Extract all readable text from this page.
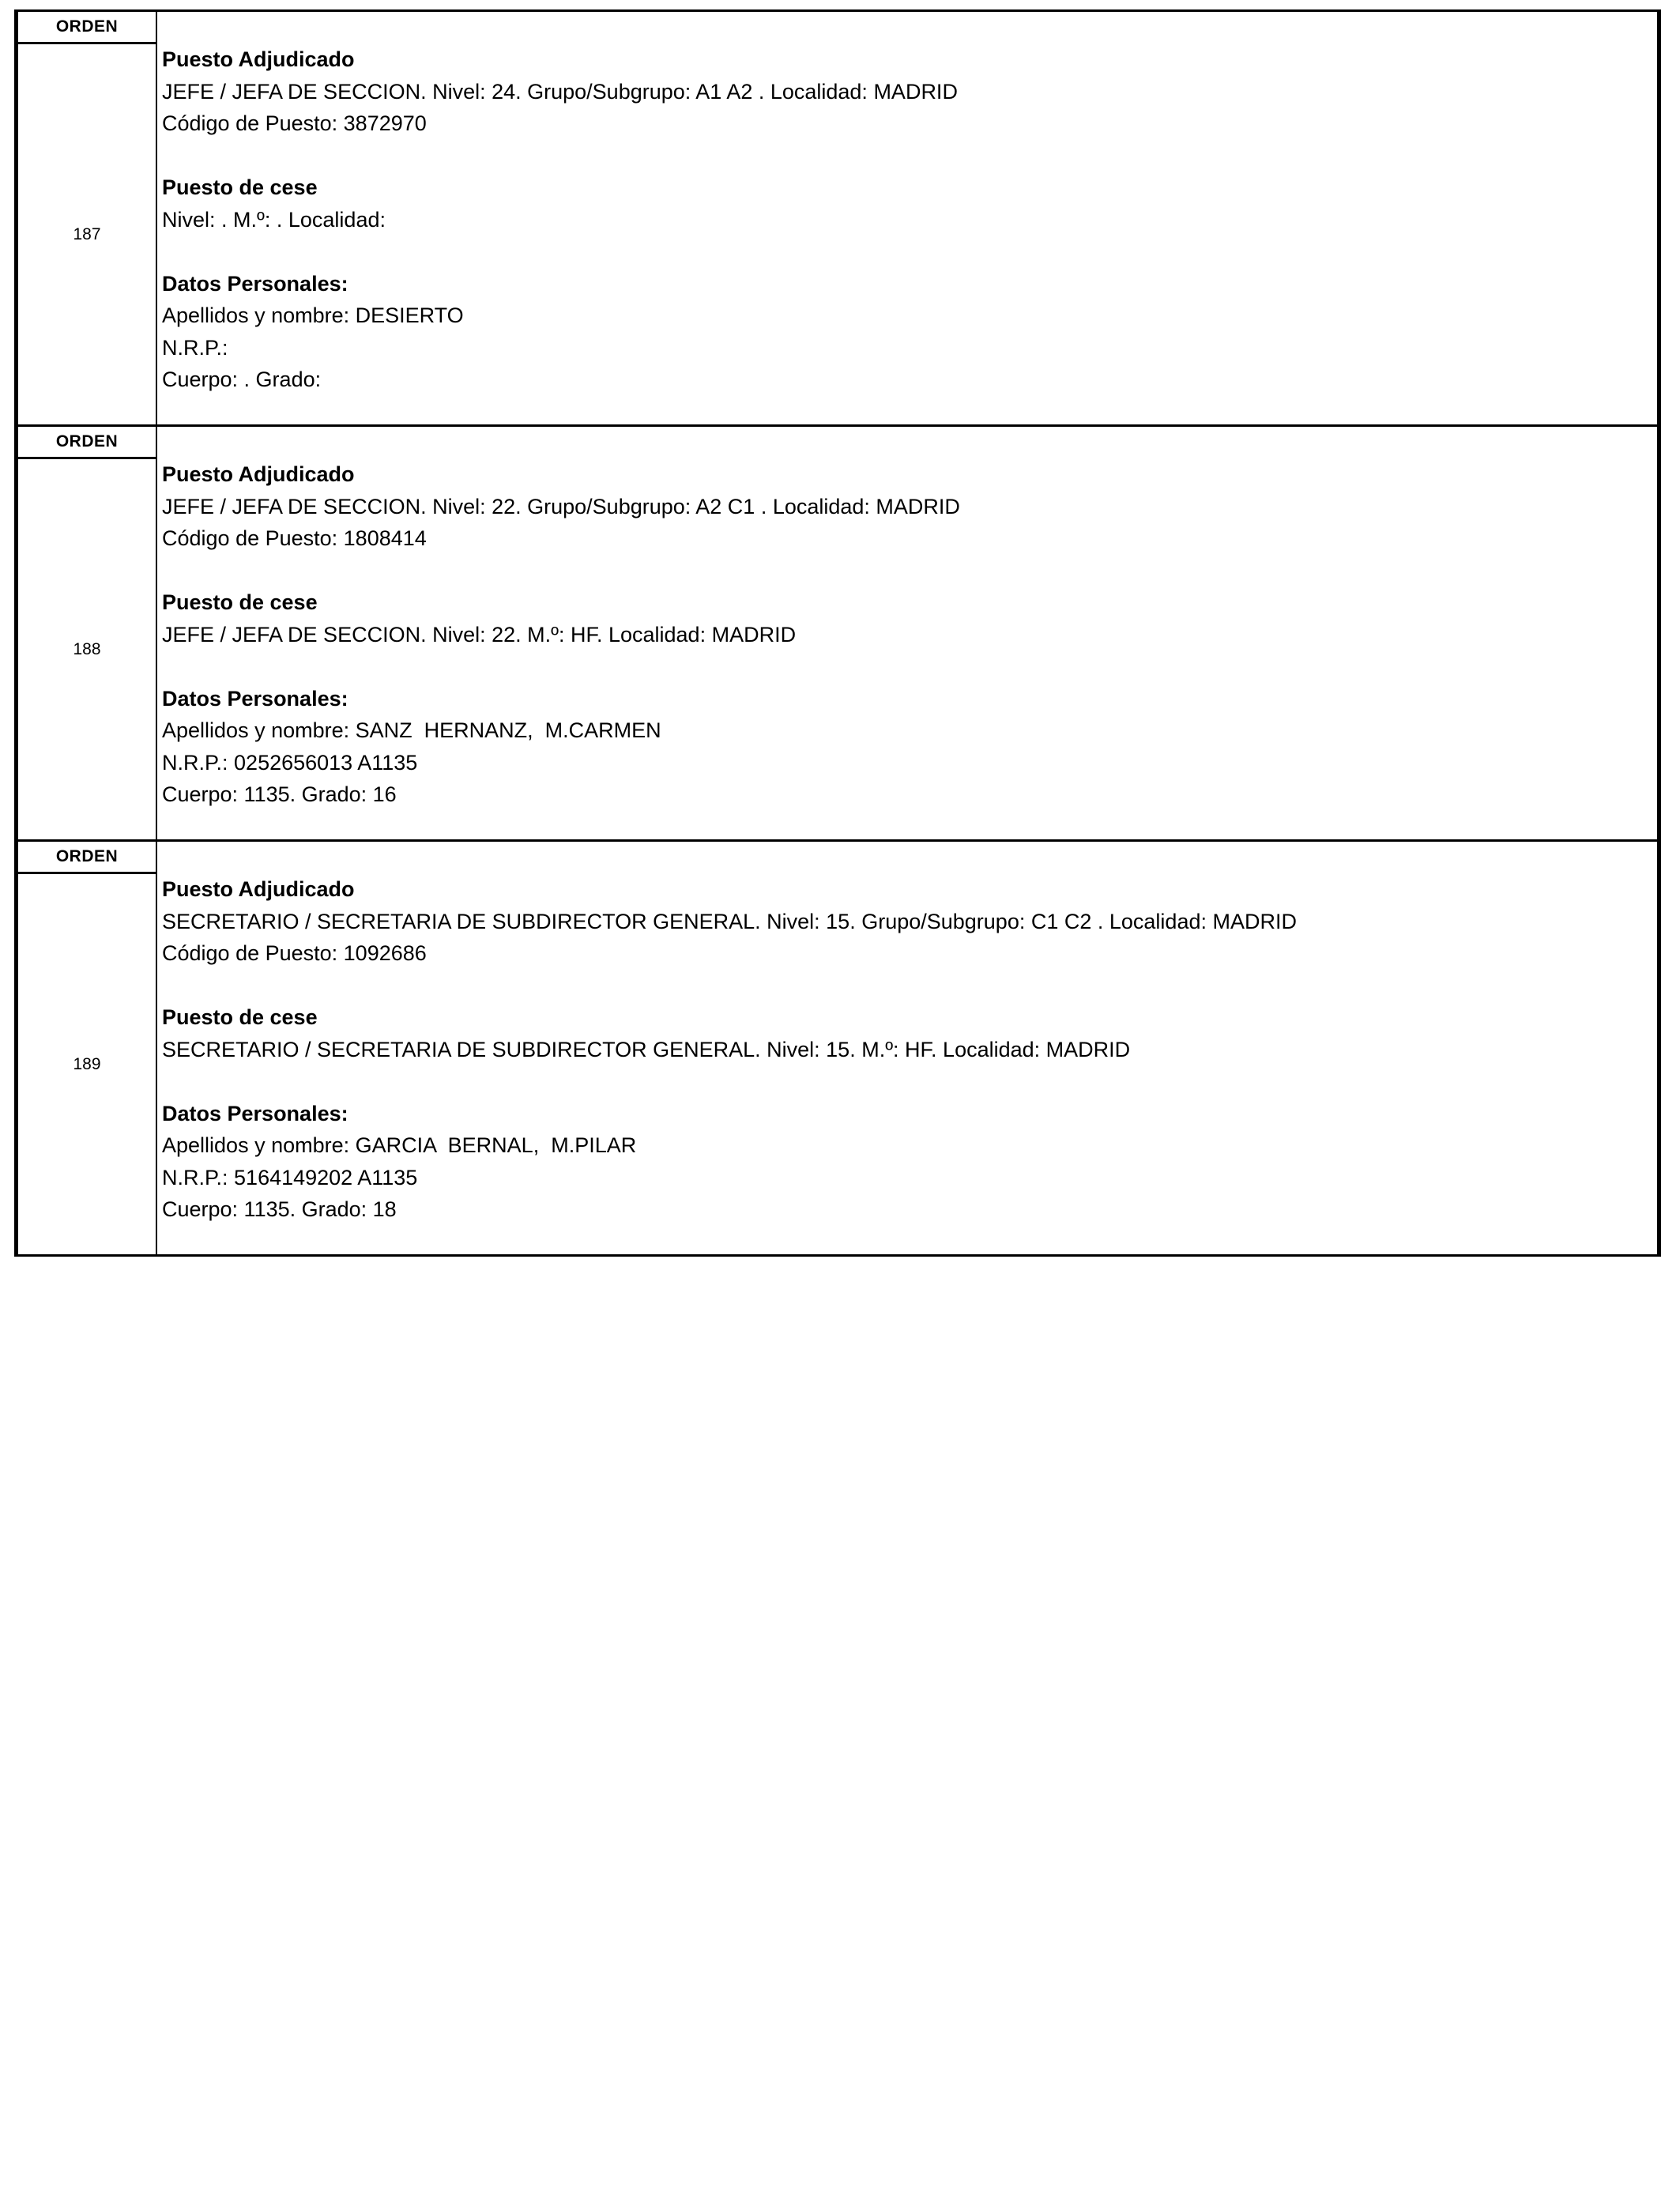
ORDEN
187
Puesto Adjudicado
JEFE / JEFA DE SECCION. Nivel: 24. Grupo/Subgrupo: A1 A2 . Localidad: MADRID
Código de Puesto: 3872970
Puesto de cese
Nivel: . M.º: . Localidad:
Datos Personales:
Apellidos y nombre: DESIERTO
N.R.P.:
Cuerpo: . Grado:
ORDEN
188
Puesto Adjudicado
JEFE / JEFA DE SECCION. Nivel: 22. Grupo/Subgrupo: A2 C1 . Localidad: MADRID
Código de Puesto: 1808414
Puesto de cese
JEFE / JEFA DE SECCION. Nivel: 22. M.º: HF. Localidad: MADRID
Datos Personales:
Apellidos y nombre: SANZ  HERNANZ,  M.CARMEN
N.R.P.: 0252656013 A1135
Cuerpo: 1135. Grado: 16
ORDEN
189
Puesto Adjudicado
SECRETARIO / SECRETARIA DE SUBDIRECTOR GENERAL. Nivel: 15. Grupo/Subgrupo: C1 C2 . Localidad: MADRID
Código de Puesto: 1092686
Puesto de cese
SECRETARIO / SECRETARIA DE SUBDIRECTOR GENERAL. Nivel: 15. M.º: HF. Localidad: MADRID
Datos Personales:
Apellidos y nombre: GARCIA  BERNAL,  M.PILAR
N.R.P.: 5164149202 A1135
Cuerpo: 1135. Grado: 18
